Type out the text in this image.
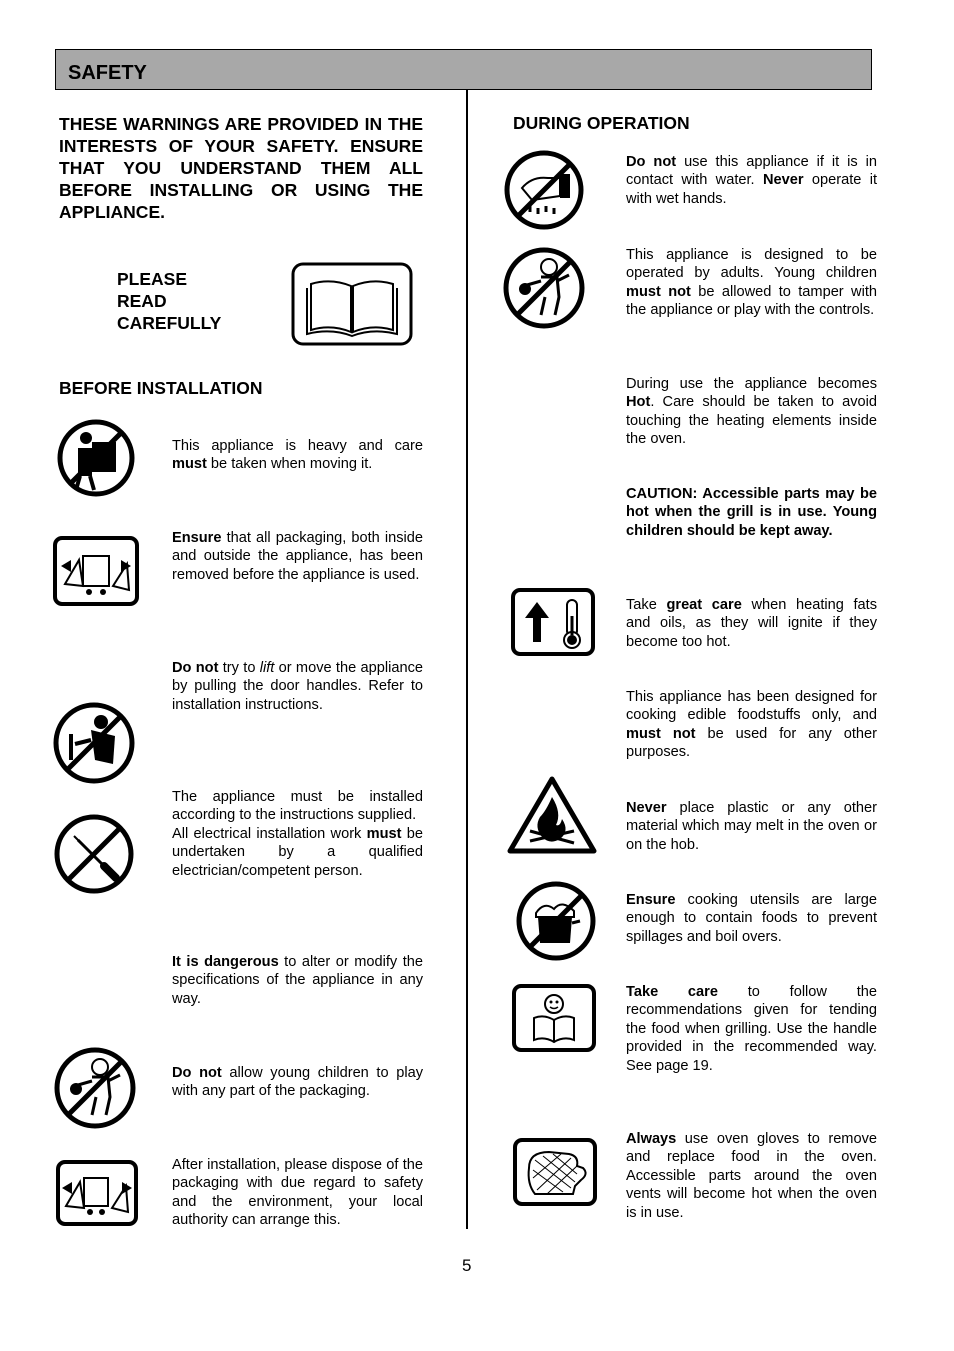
SAFETY
THESE WARNINGS ARE PROVIDED IN THE INTERESTS OF YOUR SAFETY. ENSURE THAT YOU UNDERSTAND THEM ALL BEFORE INSTALLING OR USING THE APPLIANCE.
PLEASE
READ
CAREFULLY
BEFORE INSTALLATION
This appliance is heavy and care must be taken when moving it.
Ensure that all packaging, both inside and outside the appliance, has been removed before the appliance is used.
Do not try to lift or move the appliance by pulling the door handles. Refer to installation instructions.

The appliance must be installed according to the instructions supplied.

All electrical installation work must be undertaken by a qualified electrician/competent person.

It is dangerous to alter or modify the specifications of the appliance in any way.
Do not allow young children to play with any part of the packaging.
After installation, please dispose of the packaging with due regard to safety and the environment, your local authority can arrange this.
DURING OPERATION
Do not use this appliance if it is in contact with water. Never operate it with wet hands.
This appliance is designed to be operated by adults. Young children must not be allowed to tamper with the appliance or play with the controls.
During use the appliance becomes Hot. Care should be taken to avoid touching the heating elements inside the oven.
CAUTION: Accessible parts may be hot when the grill is in use. Young children should be kept away.
Take great care when heating fats and oils, as they will ignite if they become too hot.
This appliance has been designed for cooking edible foodstuffs only, and must not be used for any other purposes.
Never place plastic or any other material which may melt in the oven or on the hob.
Ensure cooking utensils are large enough to contain foods to prevent spillages and boil overs.
Take care to follow the recommendations given for tending the food when grilling. Use the handle provided in the recommended way. See page 19.
Always use oven gloves to remove and replace food in the oven. Accessible parts around the oven vents will become hot when the oven is in use.
5
